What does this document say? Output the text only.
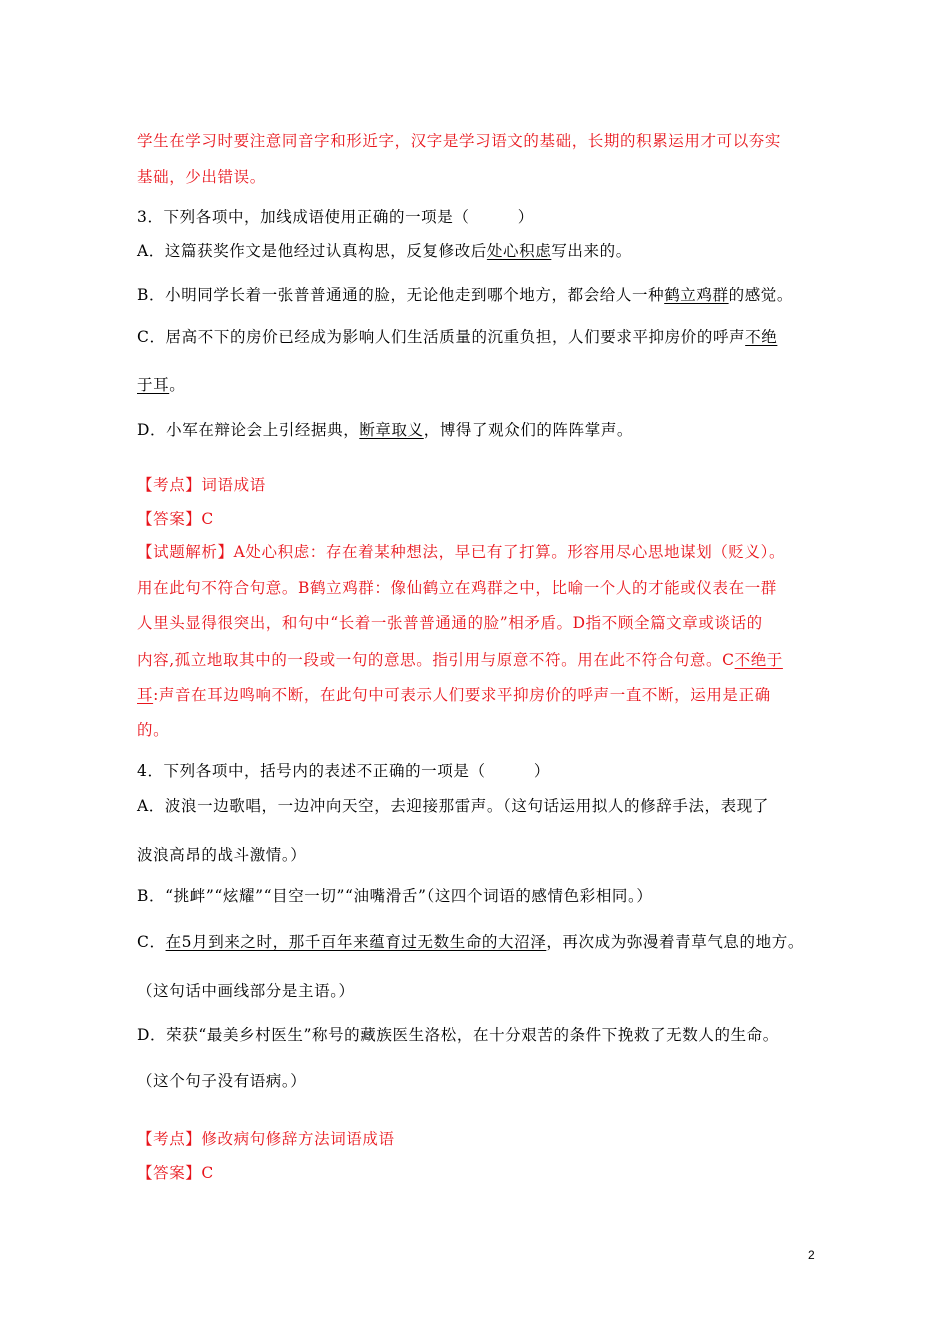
学生在学习时要注意同音字和形近字，汉字是学习语文的基础，长期的积累运用才可以夯实
基础，少出错误。
3．下列各项中，加线成语使用正确的一项是（　　　）
A．这篇获奖作文是他经过认真构思，反复修改后处心积虑写出来的。
B．小明同学长着一张普普通通的脸，无论他走到哪个地方，都会给人一种鹤立鸡群的感觉。
C．居高不下的房价已经成为影响人们生活质量的沉重负担，人们要求平抑房价的呼声不绝
于耳。
D．小军在辩论会上引经据典，断章取义，博得了观众们的阵阵掌声。
【考点】词语成语
【答案】C
【试题解析】A处心积虑：存在着某种想法，早已有了打算。形容用尽心思地谋划（贬义）。
用在此句不符合句意。B鹤立鸡群：像仙鹤立在鸡群之中，比喻一个人的才能或仪表在一群
人里头显得很突出，和句中“长着一张普普通通的脸”相矛盾。D指不顾全篇文章或谈话的
内容,孤立地取其中的一段或一句的意思。指引用与原意不符。用在此不符合句意。C不绝于
耳:声音在耳边鸣响不断，在此句中可表示人们要求平抑房价的呼声一直不断，运用是正确
的。
4．下列各项中，括号内的表述不正确的一项是（　　　）
A．波浪一边歌唱，一边冲向天空，去迎接那雷声。（这句话运用拟人的修辞手法，表现了
波浪高昂的战斗激情。）
B．“挑衅”“炫耀”“目空一切”“油嘴滑舌”（这四个词语的感情色彩相同。）
C．在5月到来之时，那千百年来蕴育过无数生命的大沼泽，再次成为弥漫着青草气息的地方。
（这句话中画线部分是主语。）
D．荣获“最美乡村医生”称号的藏族医生洛松，在十分艰苦的条件下挽救了无数人的生命。
（这个句子没有语病。）
【考点】修改病句修辞方法词语成语
【答案】C
2
